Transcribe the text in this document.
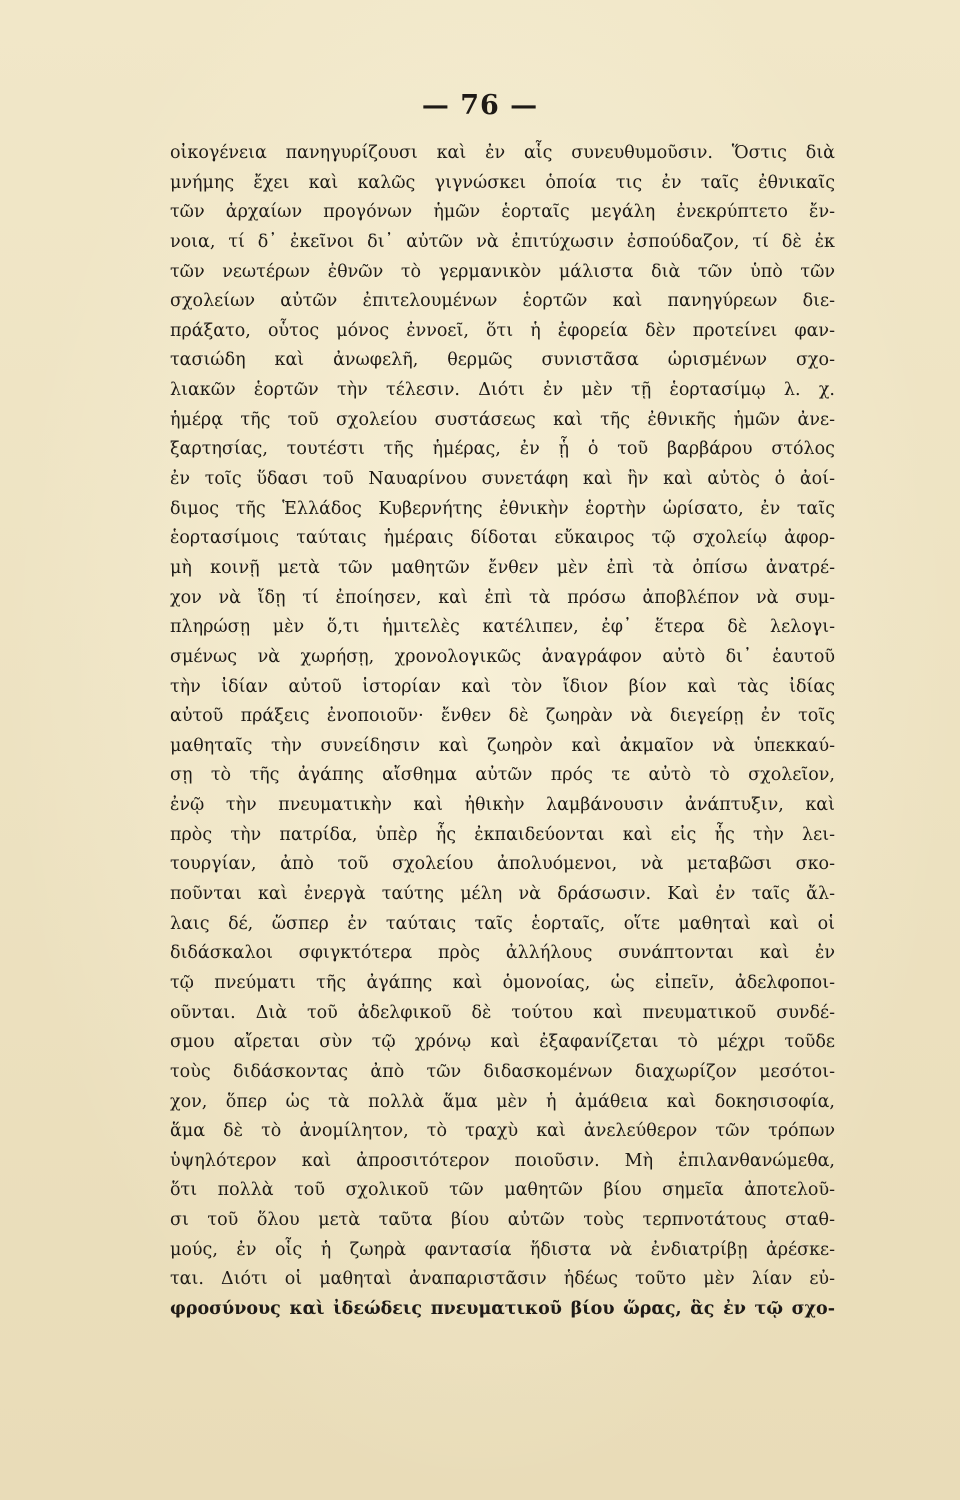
— 76 —
οἰκογένεια πανηγυρίζουσι καὶ ἐν αἷς συνευθυμοῦσιν. Ὅστις διὰ
μνήμης ἔχει καὶ καλῶς γιγνώσκει ὁποία τις ἐν ταῖς ἐθνικαῖς
τῶν ἀρχαίων προγόνων ἡμῶν ἑορταῖς μεγάλη ἐνεκρύπτετο ἔν-
νοια, τί δ᾽ ἐκεῖνοι δι᾽ αὐτῶν νὰ ἐπιτύχωσιν ἐσπούδαζον, τί δὲ ἐκ
τῶν νεωτέρων ἐθνῶν τὸ γερμανικὸν μάλιστα διὰ τῶν ὑπὸ τῶν
σχολείων αὐτῶν ἐπιτελουμένων ἑορτῶν καὶ πανηγύρεων διε-
πράξατο, οὗτος μόνος ἐννοεῖ, ὅτι ἡ ἐφορεία δὲν προτείνει φαν-
τασιώδη καὶ ἀνωφελῆ, θερμῶς συνιστᾶσα ὡρισμένων σχο-
λιακῶν ἑορτῶν τὴν τέλεσιν. Διότι ἐν μὲν τῇ ἑορτασίμῳ λ. χ.
ἡμέρᾳ τῆς τοῦ σχολείου συστάσεως καὶ τῆς ἐθνικῆς ἡμῶν ἀνε-
ξαρτησίας, τουτέστι τῆς ἡμέρας, ἐν ᾗ ὁ τοῦ βαρβάρου στόλος
ἐν τοῖς ὕδασι τοῦ Ναυαρίνου συνετάφη καὶ ἣν καὶ αὐτὸς ὁ ἀοί-
διμος τῆς Ἑλλάδος Κυβερνήτης ἐθνικὴν ἑορτὴν ὡρίσατο, ἐν ταῖς
ἑορτασίμοις ταύταις ἡμέραις δίδοται εὔκαιρος τῷ σχολείῳ ἀφορ-
μὴ κοινῇ μετὰ τῶν μαθητῶν ἔνθεν μὲν ἐπὶ τὰ ὀπίσω ἀνατρέ-
χον νὰ ἴδῃ τί ἐποίησεν, καὶ ἐπὶ τὰ πρόσω ἀποβλέπον νὰ συμ-
πληρώσῃ μὲν ὅ,τι ἡμιτελὲς κατέλιπεν, ἐφ᾽ ἕτερα δὲ λελογι-
σμένως νὰ χωρήσῃ, χρονολογικῶς ἀναγράφον αὐτὸ δι᾽ ἑαυτοῦ
τὴν ἰδίαν αὐτοῦ ἱστορίαν καὶ τὸν ἴδιον βίον καὶ τὰς ἰδίας
αὐτοῦ πράξεις ἐνοποιοῦν· ἔνθεν δὲ ζωηρὰν νὰ διεγείρῃ ἐν τοῖς
μαθηταῖς τὴν συνείδησιν καὶ ζωηρὸν καὶ ἀκμαῖον νὰ ὑπεκκαύ-
σῃ τὸ τῆς ἀγάπης αἴσθημα αὐτῶν πρός τε αὐτὸ τὸ σχολεῖον,
ἐνῷ τὴν πνευματικὴν καὶ ἠθικὴν λαμβάνουσιν ἀνάπτυξιν, καὶ
πρὸς τὴν πατρίδα, ὑπὲρ ἧς ἐκπαιδεύονται καὶ εἰς ἧς τὴν λει-
τουργίαν, ἀπὸ τοῦ σχολείου ἀπολυόμενοι, νὰ μεταβῶσι σκο-
ποῦνται καὶ ἐνεργὰ ταύτης μέλη νὰ δράσωσιν. Καὶ ἐν ταῖς ἄλ-
λαις δέ, ὥσπερ ἐν ταύταις ταῖς ἑορταῖς, οἵτε μαθηταὶ καὶ οἱ
διδάσκαλοι σφιγκτότερα πρὸς ἀλλήλους συνάπτονται καὶ ἐν
τῷ πνεύματι τῆς ἀγάπης καὶ ὁμονοίας, ὡς εἰπεῖν, ἀδελφοποι-
οῦνται. Διὰ τοῦ ἀδελφικοῦ δὲ τούτου καὶ πνευματικοῦ συνδέ-
σμου αἴρεται σὺν τῷ χρόνῳ καὶ ἐξαφανίζεται τὸ μέχρι τοῦδε
τοὺς διδάσκοντας ἀπὸ τῶν διδασκομένων διαχωρίζον μεσότοι-
χον, ὅπερ ὡς τὰ πολλὰ ἅμα μὲν ἡ ἀμάθεια καὶ δοκησισοφία,
ἅμα δὲ τὸ ἀνομίλητον, τὸ τραχὺ καὶ ἀνελεύθερον τῶν τρόπων
ὑψηλότερον καὶ ἀπροσιτότερον ποιοῦσιν. Μὴ ἐπιλανθανώμεθα,
ὅτι πολλὰ τοῦ σχολικοῦ τῶν μαθητῶν βίου σημεῖα ἀποτελοῦ-
σι τοῦ ὅλου μετὰ ταῦτα βίου αὐτῶν τοὺς τερπνοτάτους σταθ-
μούς, ἐν οἷς ἡ ζωηρὰ φαντασία ἥδιστα νὰ ἐνδιατρίβῃ ἀρέσκε-
ται. Διότι οἱ μαθηταὶ ἀναπαριστᾶσιν ἡδέως τοῦτο μὲν λίαν εὐ-
φροσύνους καὶ ἰδεώδεις πνευματικοῦ βίου ὥρας, ἃς ἐν τῷ σχο-
